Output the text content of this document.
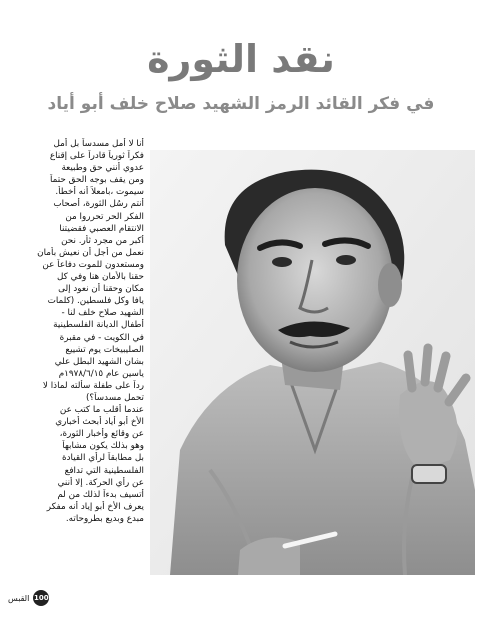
نقد الثورة
في فكر القائد الرمز الشهيد صلاح خلف أبو أياد

أنا لا أمل مسدساً بل أمل

فكراً ثورياً قادراً على إقناع

عدوي أنني حق وطبيعة

ومن يقف بوجه الحق حتماً

سيموت ،بامعلاً أنه أخطأ.

أنتم رسُل الثورة، أصحاب

الفكر الحر تحرروا من

الانتقام العصبي فقضيتنا

أكبر من مجرد ثأر. نحن

نعمل من أجل أن نعيش بأمان

ومستعدون للموت دفاعاً عن

حقنا بالأمان هنا وفي كل

مكان وحقنا أن نعود إلى

يافا وكل فلسطين. (كلمات

الشهيد صلاح خلف لنا -

أطفال الديانة الفلسطينية

في الكويت - في مقبرة

الصليبيخات يوم تشييع

بشان الشهيد البطل علي

ياسين عام ١٩٧٨/٦/١٥م

رداً على طفلة سألته لماذا لا

تحمل مسدساً؟)

عندما أقلب ما كتب عن

الأخ أبو أياد أبحث أخباري

عن وقائع وأخبار الثورة،

وهو بذلك يكون مشابهاً

بل مطابقاً لرأي القيادة

الفلسطينية التي تدافع

عن رأي الحركة. إلا أنني

أتسيف بدءاً لذلك من لم

يعرف الأخ أبو إياد أنه مفكر

مبدع وبديع بطروحاته.

100
القبس
